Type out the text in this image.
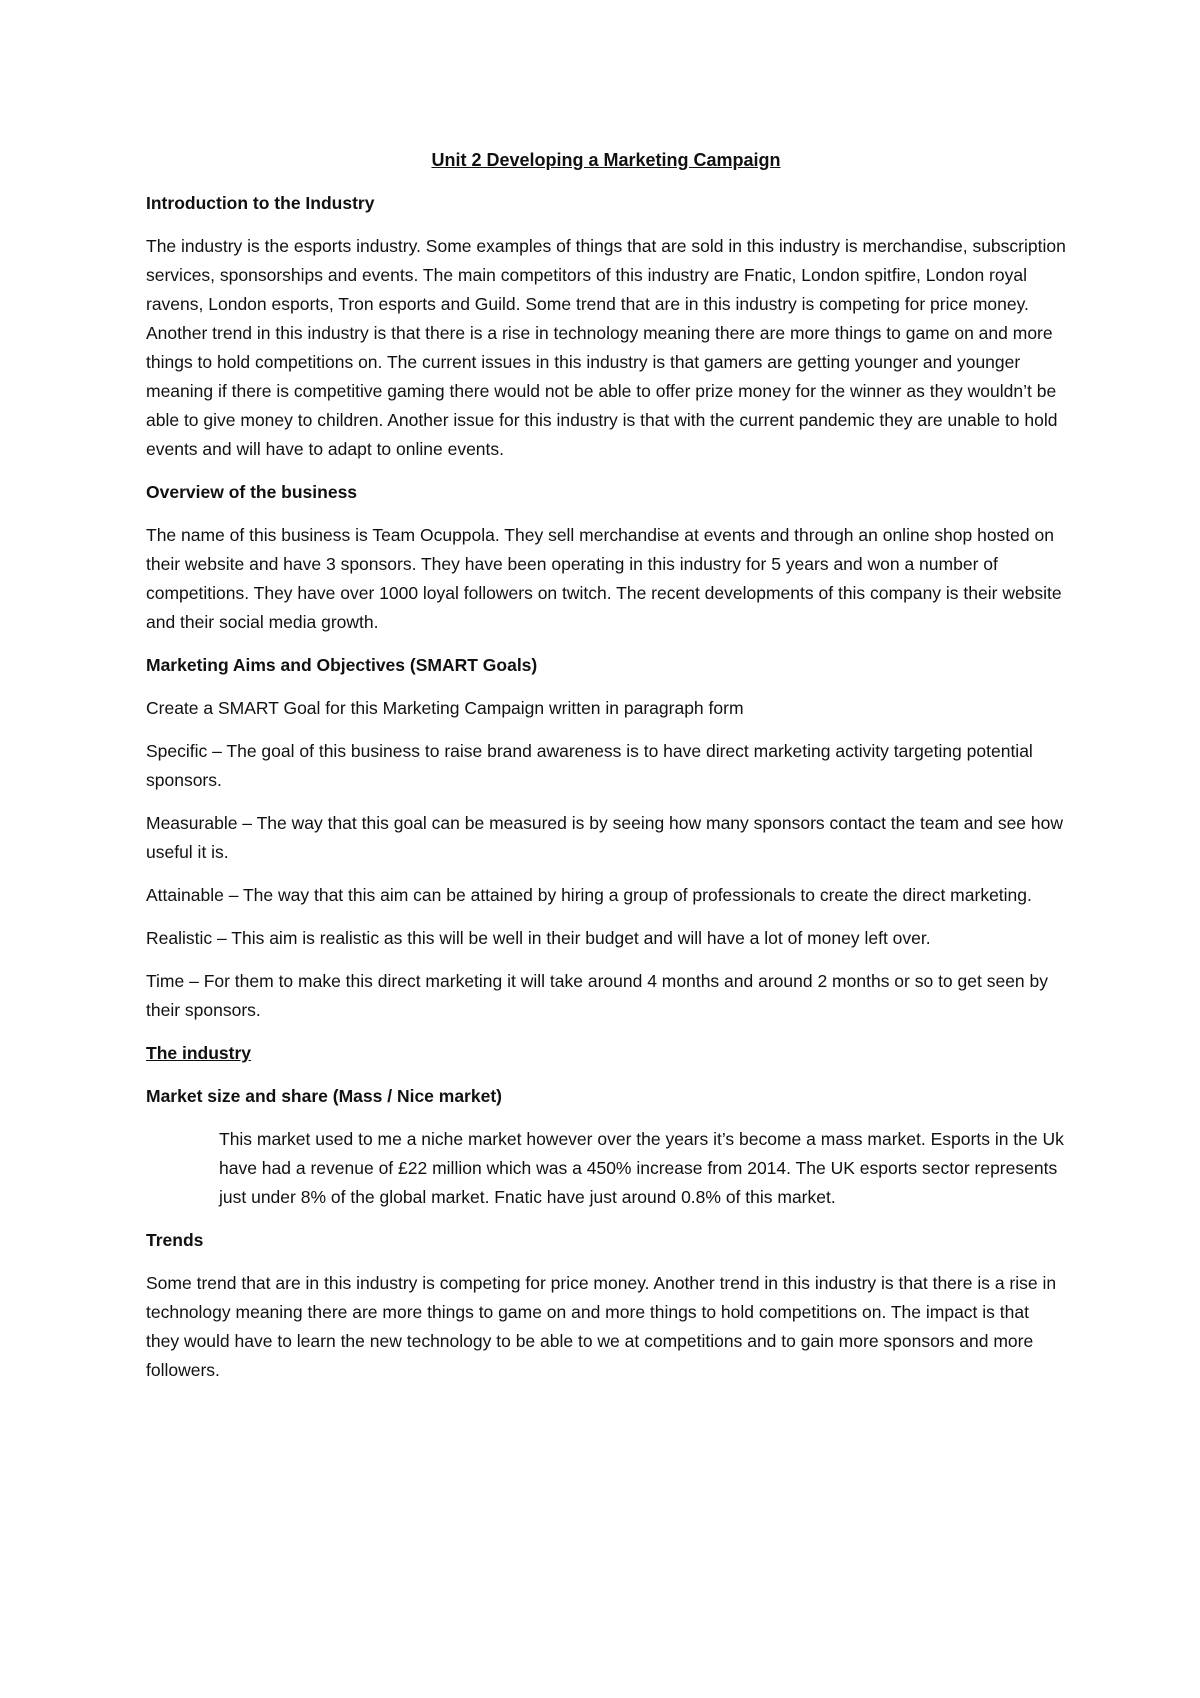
Unit 2 Developing a Marketing Campaign
Introduction to the Industry
The industry is the esports industry. Some examples of things that are sold in this industry is merchandise, subscription services, sponsorships and events. The main competitors of this industry are Fnatic, London spitfire, London royal ravens, London esports, Tron esports and Guild. Some trend that are in this industry is competing for price money. Another trend in this industry is that there is a rise in technology meaning there are more things to game on and more things to hold competitions on. The current issues in this industry is that gamers are getting younger and younger meaning if there is competitive gaming there would not be able to offer prize money for the winner as they wouldn’t be able to give money to children. Another issue for this industry is that with the current pandemic they are unable to hold events and will have to adapt to online events.
Overview of the business
The name of this business is Team Ocuppola. They sell merchandise at events and through an online shop hosted on their website and have 3 sponsors. They have been operating in this industry for 5 years and won a number of competitions. They have over 1000 loyal followers on twitch. The recent developments of this company is their website and their social media growth.
Marketing Aims and Objectives (SMART Goals)
Create a SMART Goal for this Marketing Campaign written in paragraph form
Specific – The goal of this business to raise brand awareness is to have direct marketing activity targeting potential sponsors.
Measurable – The way that this goal can be measured is by seeing how many sponsors contact the team and see how useful it is.
Attainable – The way that this aim can be attained by hiring a group of professionals to create the direct marketing.
Realistic – This aim is realistic as this will be well in their budget and will have a lot of money left over.
Time – For them to make this direct marketing it will take around 4 months and around 2 months or so to get seen by their sponsors.
The industry
Market size and share (Mass / Nice market)
This market used to me a niche market however over the years it’s become a mass market. Esports in the Uk have had a revenue of £22 million which was a 450% increase from 2014. The UK esports sector represents just under 8% of the global market. Fnatic have just around 0.8% of this market.
Trends
Some trend that are in this industry is competing for price money. Another trend in this industry is that there is a rise in technology meaning there are more things to game on and more things to hold competitions on. The impact is that they would have to learn the new technology to be able to we at competitions and to gain more sponsors and more followers.
